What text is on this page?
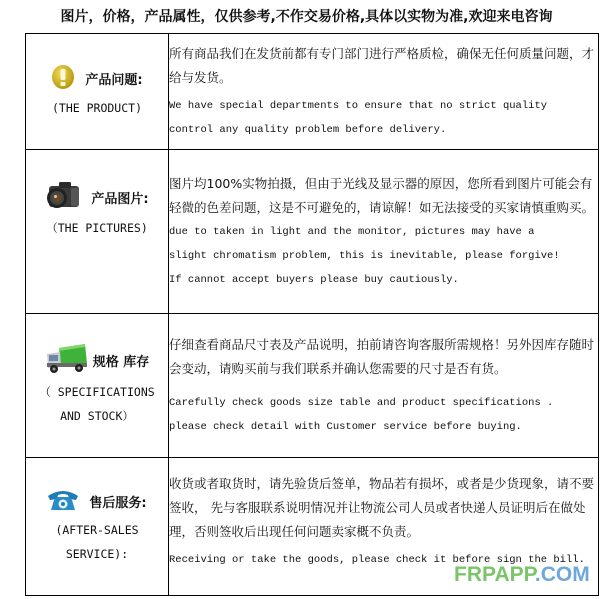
图片，价格，产品属性，仅供参考,不作交易价格,具体以实物为准,欢迎来电咨询
产品问题:
(THE PRODUCT)

所有商品我们在发货前都有专门部门进行严格质检，确保无任何质量问题，才给与发货。
We have special departments to ensure that no strict quality
control any quality problem before delivery.

产品图片:
（THE PICTURES)

图片均100%实物拍摄，但由于光线及显示器的原因，您所看到图片可能会有轻微的色差问题，这是不可避免的，请谅解！如无法接受的买家请慎重购买。
due to taken in light and the monitor, pictures may have a
slight chromatism problem, this is inevitable, please forgive!
If cannot accept buyers please buy cautiously.

规格 库存
（ SPECIFICATIONS
AND STOCK）

仔细查看商品尺寸表及产品说明，拍前请咨询客服所需规格！另外因库存随时会变动，请购买前与我们联系并确认您需要的尺寸是否有货。
Carefully check goods size table and product specifications .
please check detail with Customer service before buying.

售后服务:
(AFTER-SALES
SERVICE):

收货或者取货时，请先验货后签单，物品若有损坏，或者是少货现象，请不要签收， 先与客服联系说明情况并让物流公司人员或者快递人员证明后在做处理，否则签收后出现任何问题卖家概不负责。
Receiving or take the goods, please check it before sign the bill.
FRPAPP.COM
